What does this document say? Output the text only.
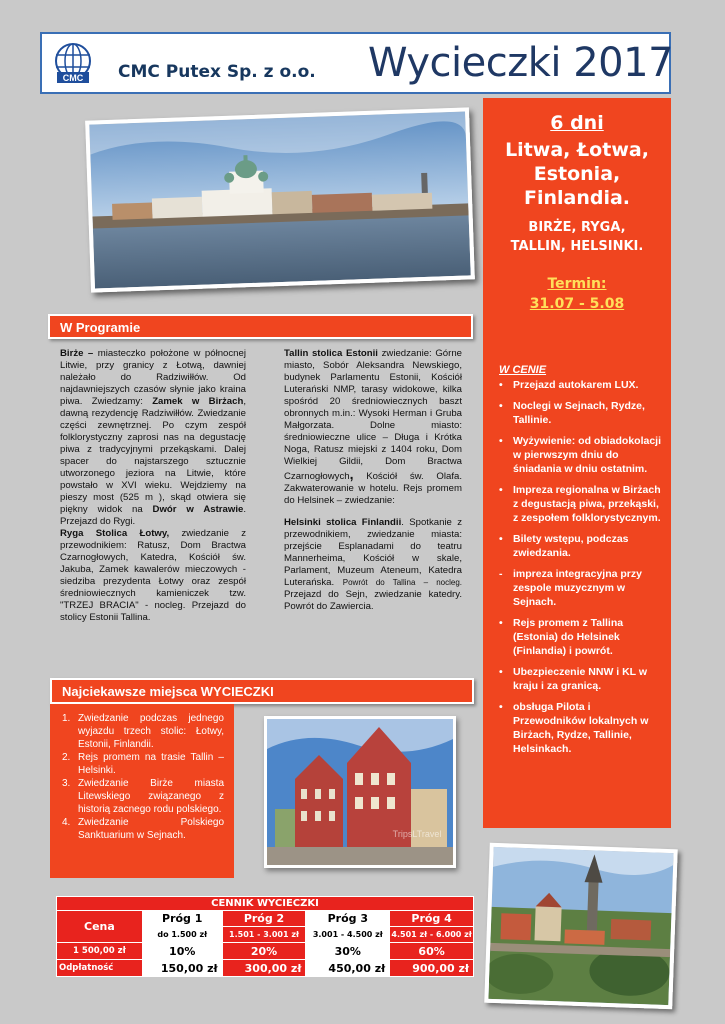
CMC CMC Putex Sp. z o.o. Wycieczki 2017
6 dni
Litwa, Łotwa,
Estonia,
Finlandia.
BIRŻE, RYGA,
TALLIN, HELSINKI.
Termin:
31.07 - 5.08
W CENIE
• Przejazd autokarem LUX.
• Noclegi w Sejnach, Rydze, Tallinie.
• Wyżywienie: od obiadokolacji w pierwszym dniu do śniadania w dniu ostatnim.
• Impreza regionalna w Birżach z degustacją piwa, przekąski, z zespołem folklorystycznym.
• Bilety wstępu, podczas zwiedzania.
- impreza integracyjna przy zespole muzycznym w Sejnach.
• Rejs promem z Tallina (Estonia) do Helsinek (Finlandia) i powrót.
• Ubezpieczenie NNW i KL w kraju i za granicą.
• obsługa Pilota i Przewodników lokalnych w Birżach, Rydze, Tallinie, Helsinkach.
W Programie

Birże – miasteczko położone w północnej Litwie, przy granicy z Łotwą, dawniej należało do Radziwiłłów. Od najdawniejszych czasów słynie jako kraina piwa. Zwiedzamy: Zamek w Birżach, dawną rezydencję Radziwiłłów. Zwiedzanie części zewnętrznej. Po czym zespół folklorystyczny zaprosi nas na degustację piwa z tradycyjnymi przekąskami. Dalej spacer do najstarszego sztucznie utworzonego jeziora na Litwie, które powstało w XVI wieku. Wejdziemy na pieszy most (525 m ), skąd otwiera się piękny widok na Dwór w Astrawie. Przejazd do Rygi.

Ryga Stolica Łotwy, zwiedzanie z przewodnikiem: Ratusz, Dom Bractwa Czarnogłowych, Katedra, Kościół św. Jakuba, Zamek kawalerów mieczowych - siedziba prezydenta Łotwy oraz zespół średniowiecznych kamieniczek tzw. "TRZEJ BRACIA" - nocleg. Przejazd do stolicy Estonii Tallina.

Tallin stolica Estonii zwiedzanie: Górne miasto, Sobór Aleksandra Newskiego, budynek Parlamentu Estonii, Kościół Luterański NMP, tarasy widokowe, kilka spośród 20 średniowiecznych baszt obronnych m.in.: Wysoki Herman i Gruba Małgorzata. Dolne miasto: średniowieczne ulice – Długa i Krótka Noga, Ratusz miejski z 1404 roku, Dom Wielkiej Gildii, Dom Bractwa Czarnogłowych, Kościół św. Olafa. Zakwaterowanie w hotelu. Rejs promem do Helsinek – zwiedzanie:

Helsinki stolica Finlandii. Spotkanie z przewodnikiem, zwiedzanie miasta: przejście Esplanadami do teatru Mannerheima, Kościół w skale, Parlament, Muzeum Ateneum, Katedra Luterańska. Powrót do Tallina – nocleg. Przejazd do Sejn, zwiedzanie katedry. Powrót do Zawiercia.

Najciekawsze miejsca WYCIECZKI
1. Zwiedzanie podczas jednego wyjazdu trzech stolic: Łotwy, Estonii, Finlandii.
2. Rejs promem na trasie Tallin – Helsinki.
3. Zwiedzanie Birże miasta Litewskiego związanego z historią zacnego rodu polskiego.
4. Zwiedzanie Polskiego Sanktuarium w Sejnach.	TripsLTravel
CENNIK WYCIECZKI				
Cena	Próg 1	Próg 2	Próg 3	Próg 4
	do 1.500 zł	1.501 - 3.001 zł	3.001 - 4.500 zł	4.501 zł - 6.000 zł
1 500,00 zł	10%	20%	30%	60%
Odpłatność	150,00 zł	300,00 zł	450,00 zł	900,00 zł
